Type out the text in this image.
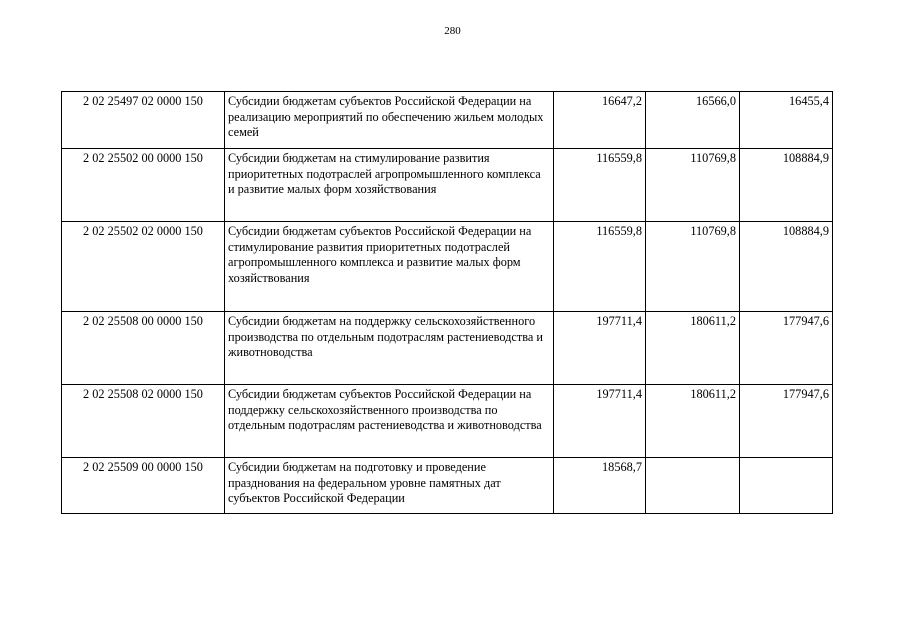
280
2 02 25497 02 0000 150	Субсидии бюджетам субъектов Российской Федерации на реализацию мероприятий по обеспечению жильем молодых семей	16647,2	16566,0	16455,4
2 02 25502 00 0000 150	Субсидии бюджетам на стимулирование развития приоритетных подотраслей агропромышленного комплекса и развитие малых форм хозяйствования	116559,8	110769,8	108884,9
2 02 25502 02 0000 150	Субсидии бюджетам субъектов Российской Федерации на стимулирование развития приоритетных подотраслей агропромышленного комплекса и развитие малых форм хозяйствования	116559,8	110769,8	108884,9
2 02 25508 00 0000 150	Субсидии бюджетам на поддержку сельскохозяйственного производства по отдельным подотраслям растениеводства и животноводства	197711,4	180611,2	177947,6
2 02 25508 02 0000 150	Субсидии бюджетам субъектов Российской Федерации на поддержку сельскохозяйственного производства по отдельным подотраслям растениеводства и животноводства	197711,4	180611,2	177947,6
2 02 25509 00 0000 150	Субсидии бюджетам на подготовку и проведение празднования на федеральном уровне памятных дат субъектов Российской Федерации	18568,7		
